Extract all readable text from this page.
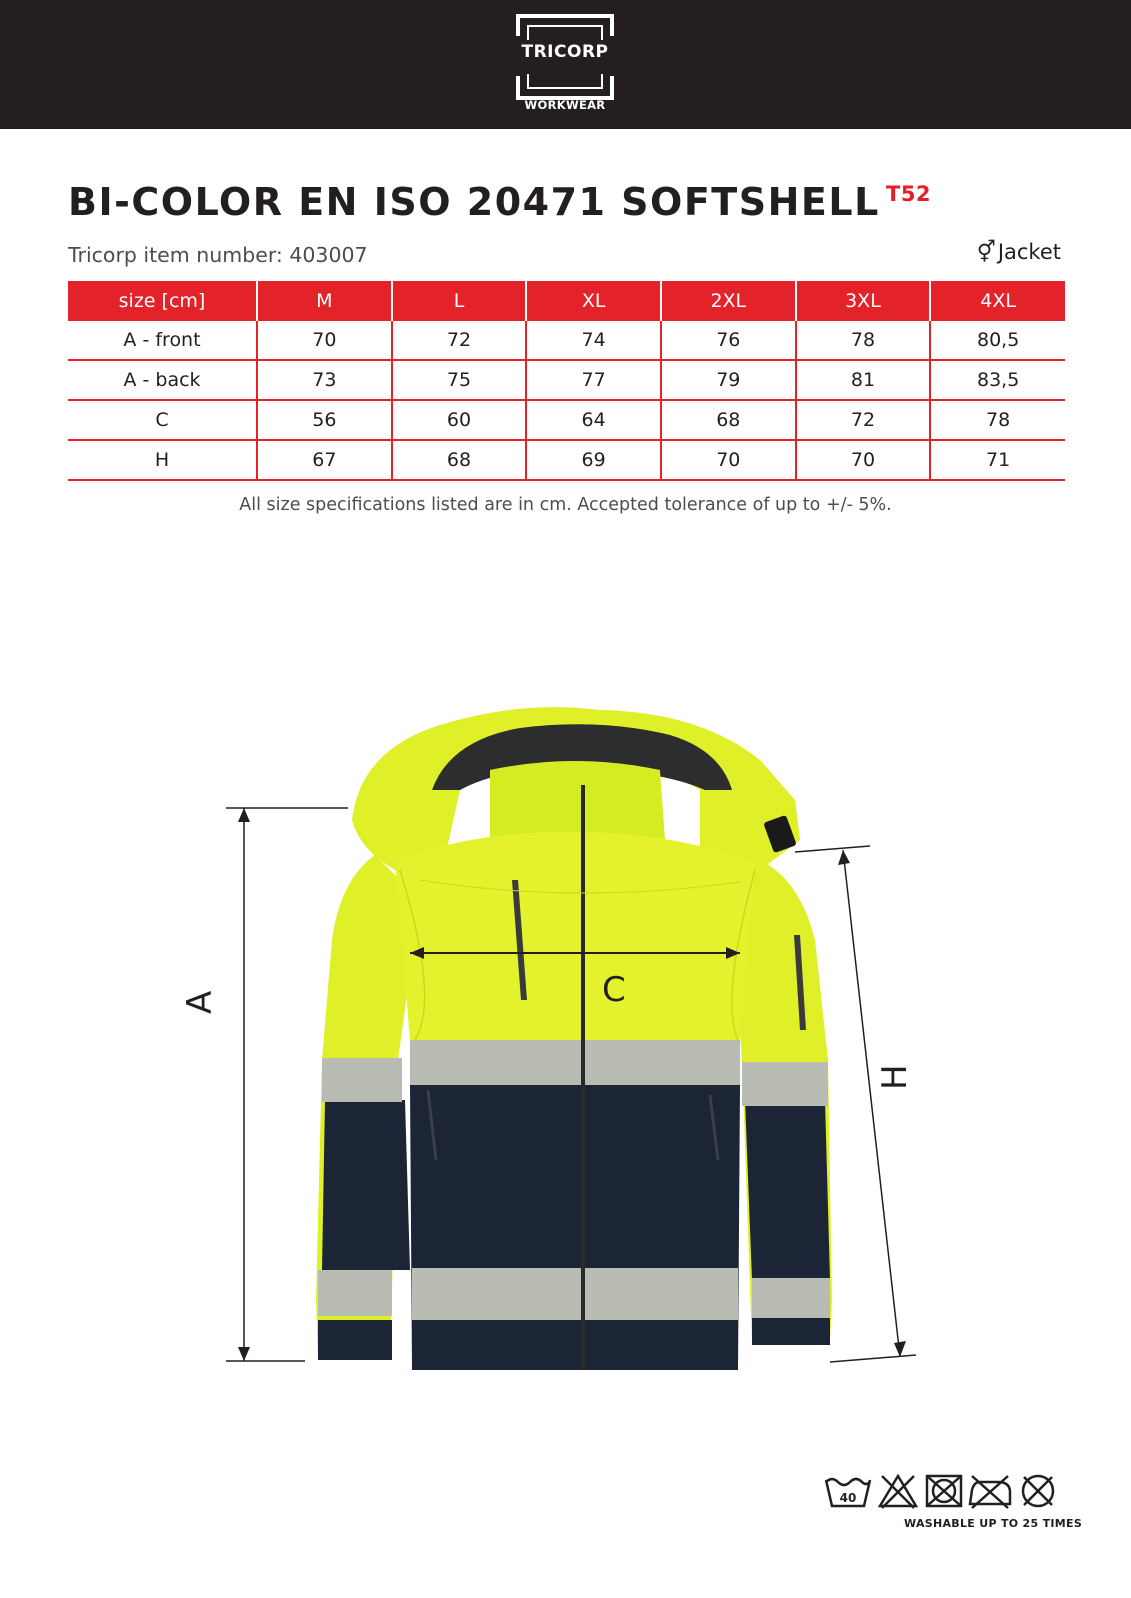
TRICORP
WORKWEAR
BI-COLOR EN ISO 20471 SOFTSHELL T52
Tricorp item number: 403007	⚥Jacket
size [cm]	M	L	XL	2XL	3XL	4XL
A - front	70	72	74	76	78	80,5
A - back	73	75	77	79	81	83,5
C	56	60	64	68	72	78
H	67	68	69	70	70	71
All size specifications listed are in cm. Accepted tolerance of up to +/- 5%.
A	C
H
40
WASHABLE UP TO 25 TIMES
